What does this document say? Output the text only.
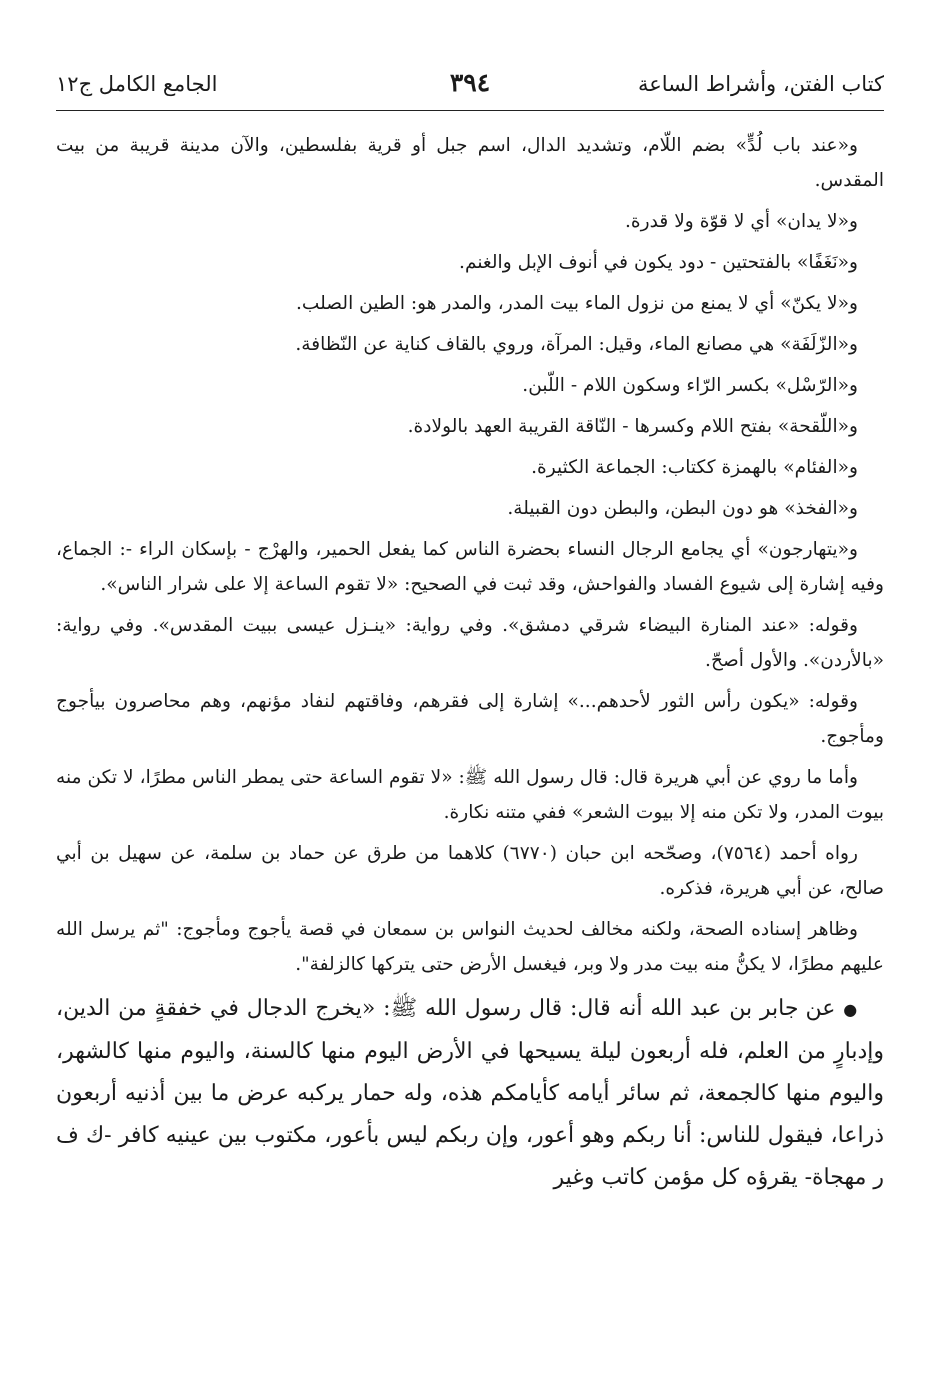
كتاب الفتن، وأشراط الساعة
٣٩٤
الجامع الكامل ج١٢

و«عند باب لُدٍّ» بضم اللّام، وتشديد الدال، اسم جبل أو قرية بفلسطين، والآن مدينة قريبة من بيت المقدس.

و«لا يدان» أي لا قوّة ولا قدرة.

و«نَغَفًا» بالفتحتين - دود يكون في أنوف الإبل والغنم.

و«لا يكنّ» أي لا يمنع من نزول الماء بيت المدر، والمدر هو: الطين الصلب.

و«الزّلَفَة» هي مصانع الماء، وقيل: المرآة، وروي بالقاف كناية عن النّظافة.

و«الرّسْل» بكسر الرّاء وسكون اللام - اللّبن.

و«اللّقحة» بفتح اللام وكسرها - النّاقة القريبة العهد بالولادة.

و«الفئام» بالهمزة ككتاب: الجماعة الكثيرة.

و«الفخذ» هو دون البطن، والبطن دون القبيلة.

و«يتهارجون» أي يجامع الرجال النساء بحضرة الناس كما يفعل الحمير، والهرْج - بإسكان الراء -: الجماع، وفيه إشارة إلى شيوع الفساد والفواحش، وقد ثبت في الصحيح: «لا تقوم الساعة إلا على شرار الناس».

وقوله: «عند المنارة البيضاء شرقي دمشق». وفي رواية: «ينـزل عيسى ببيت المقدس». وفي رواية: «بالأردن». والأول أصحّ.

وقوله: «يكون رأس الثور لأحدهم...» إشارة إلى فقرهم، وفاقتهم لنفاد مؤنهم، وهم محاصرون بيأجوج ومأجوج.

وأما ما روي عن أبي هريرة قال: قال رسول الله ﷺ: «لا تقوم الساعة حتى يمطر الناس مطرًا، لا تكن منه بيوت المدر، ولا تكن منه إلا بيوت الشعر» ففي متنه نكارة.

رواه أحمد (٧٥٦٤)، وصحّحه ابن حبان (٦٧٧٠) كلاهما من طرق عن حماد بن سلمة، عن سهيل بن أبي صالح، عن أبي هريرة، فذكره.

وظاهر إسناده الصحة، ولكنه مخالف لحديث النواس بن سمعان في قصة يأجوج ومأجوج: "ثم يرسل الله عليهم مطرًا، لا يكنُّ منه بيت مدر ولا وبر، فيغسل الأرض حتى يتركها كالزلفة".

● عن جابر بن عبد الله أنه قال: قال رسول الله ﷺ: «يخرج الدجال في خفقةٍ من الدين، وإدبارٍ من العلم، فله أربعون ليلة يسيحها في الأرض اليوم منها كالسنة، واليوم منها كالشهر، واليوم منها كالجمعة، ثم سائر أيامه كأيامكم هذه، وله حمار يركبه عرض ما بين أذنيه أربعون ذراعا، فيقول للناس: أنا ربكم وهو أعور، وإن ربكم ليس بأعور، مكتوب بين عينيه كافر -ك ف ر مهجاة- يقرؤه كل مؤمن كاتب وغير
